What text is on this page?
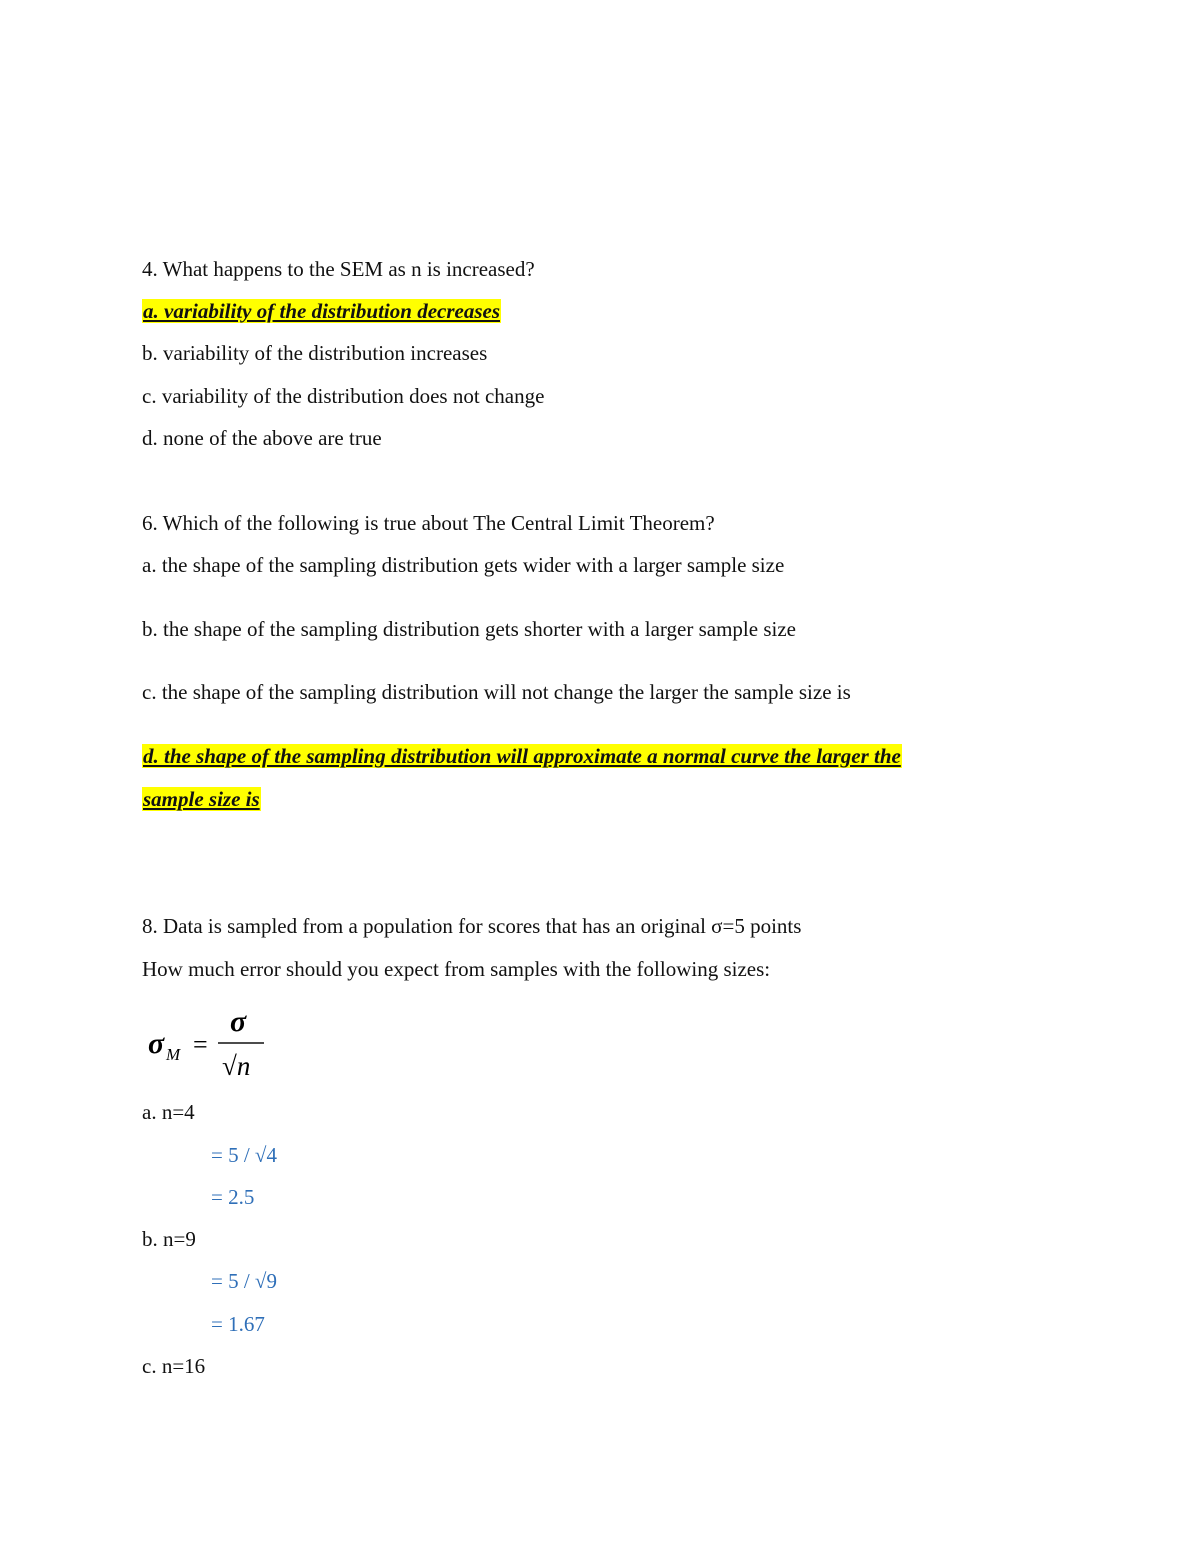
4. What happens to the SEM as n is increased?
a. variability of the distribution decreases
b. variability of the distribution increases
c. variability of the distribution does not change
d. none of the above are true
6. Which of the following is true about The Central Limit Theorem?
a. the shape of the sampling distribution gets wider with a larger sample size
b. the shape of the sampling distribution gets shorter with a larger sample size
c. the shape of the sampling distribution will not change the larger the sample size is
d. the shape of the sampling distribution will approximate a normal curve the larger the
sample size is
8. Data is sampled from a population for scores that has an original σ=5 points
How much error should you expect from samples with the following sizes:
σ M =
σ
√n
a. n=4
= 5 / √4
= 2.5
b. n=9
= 5 / √9
= 1.67
c. n=16
